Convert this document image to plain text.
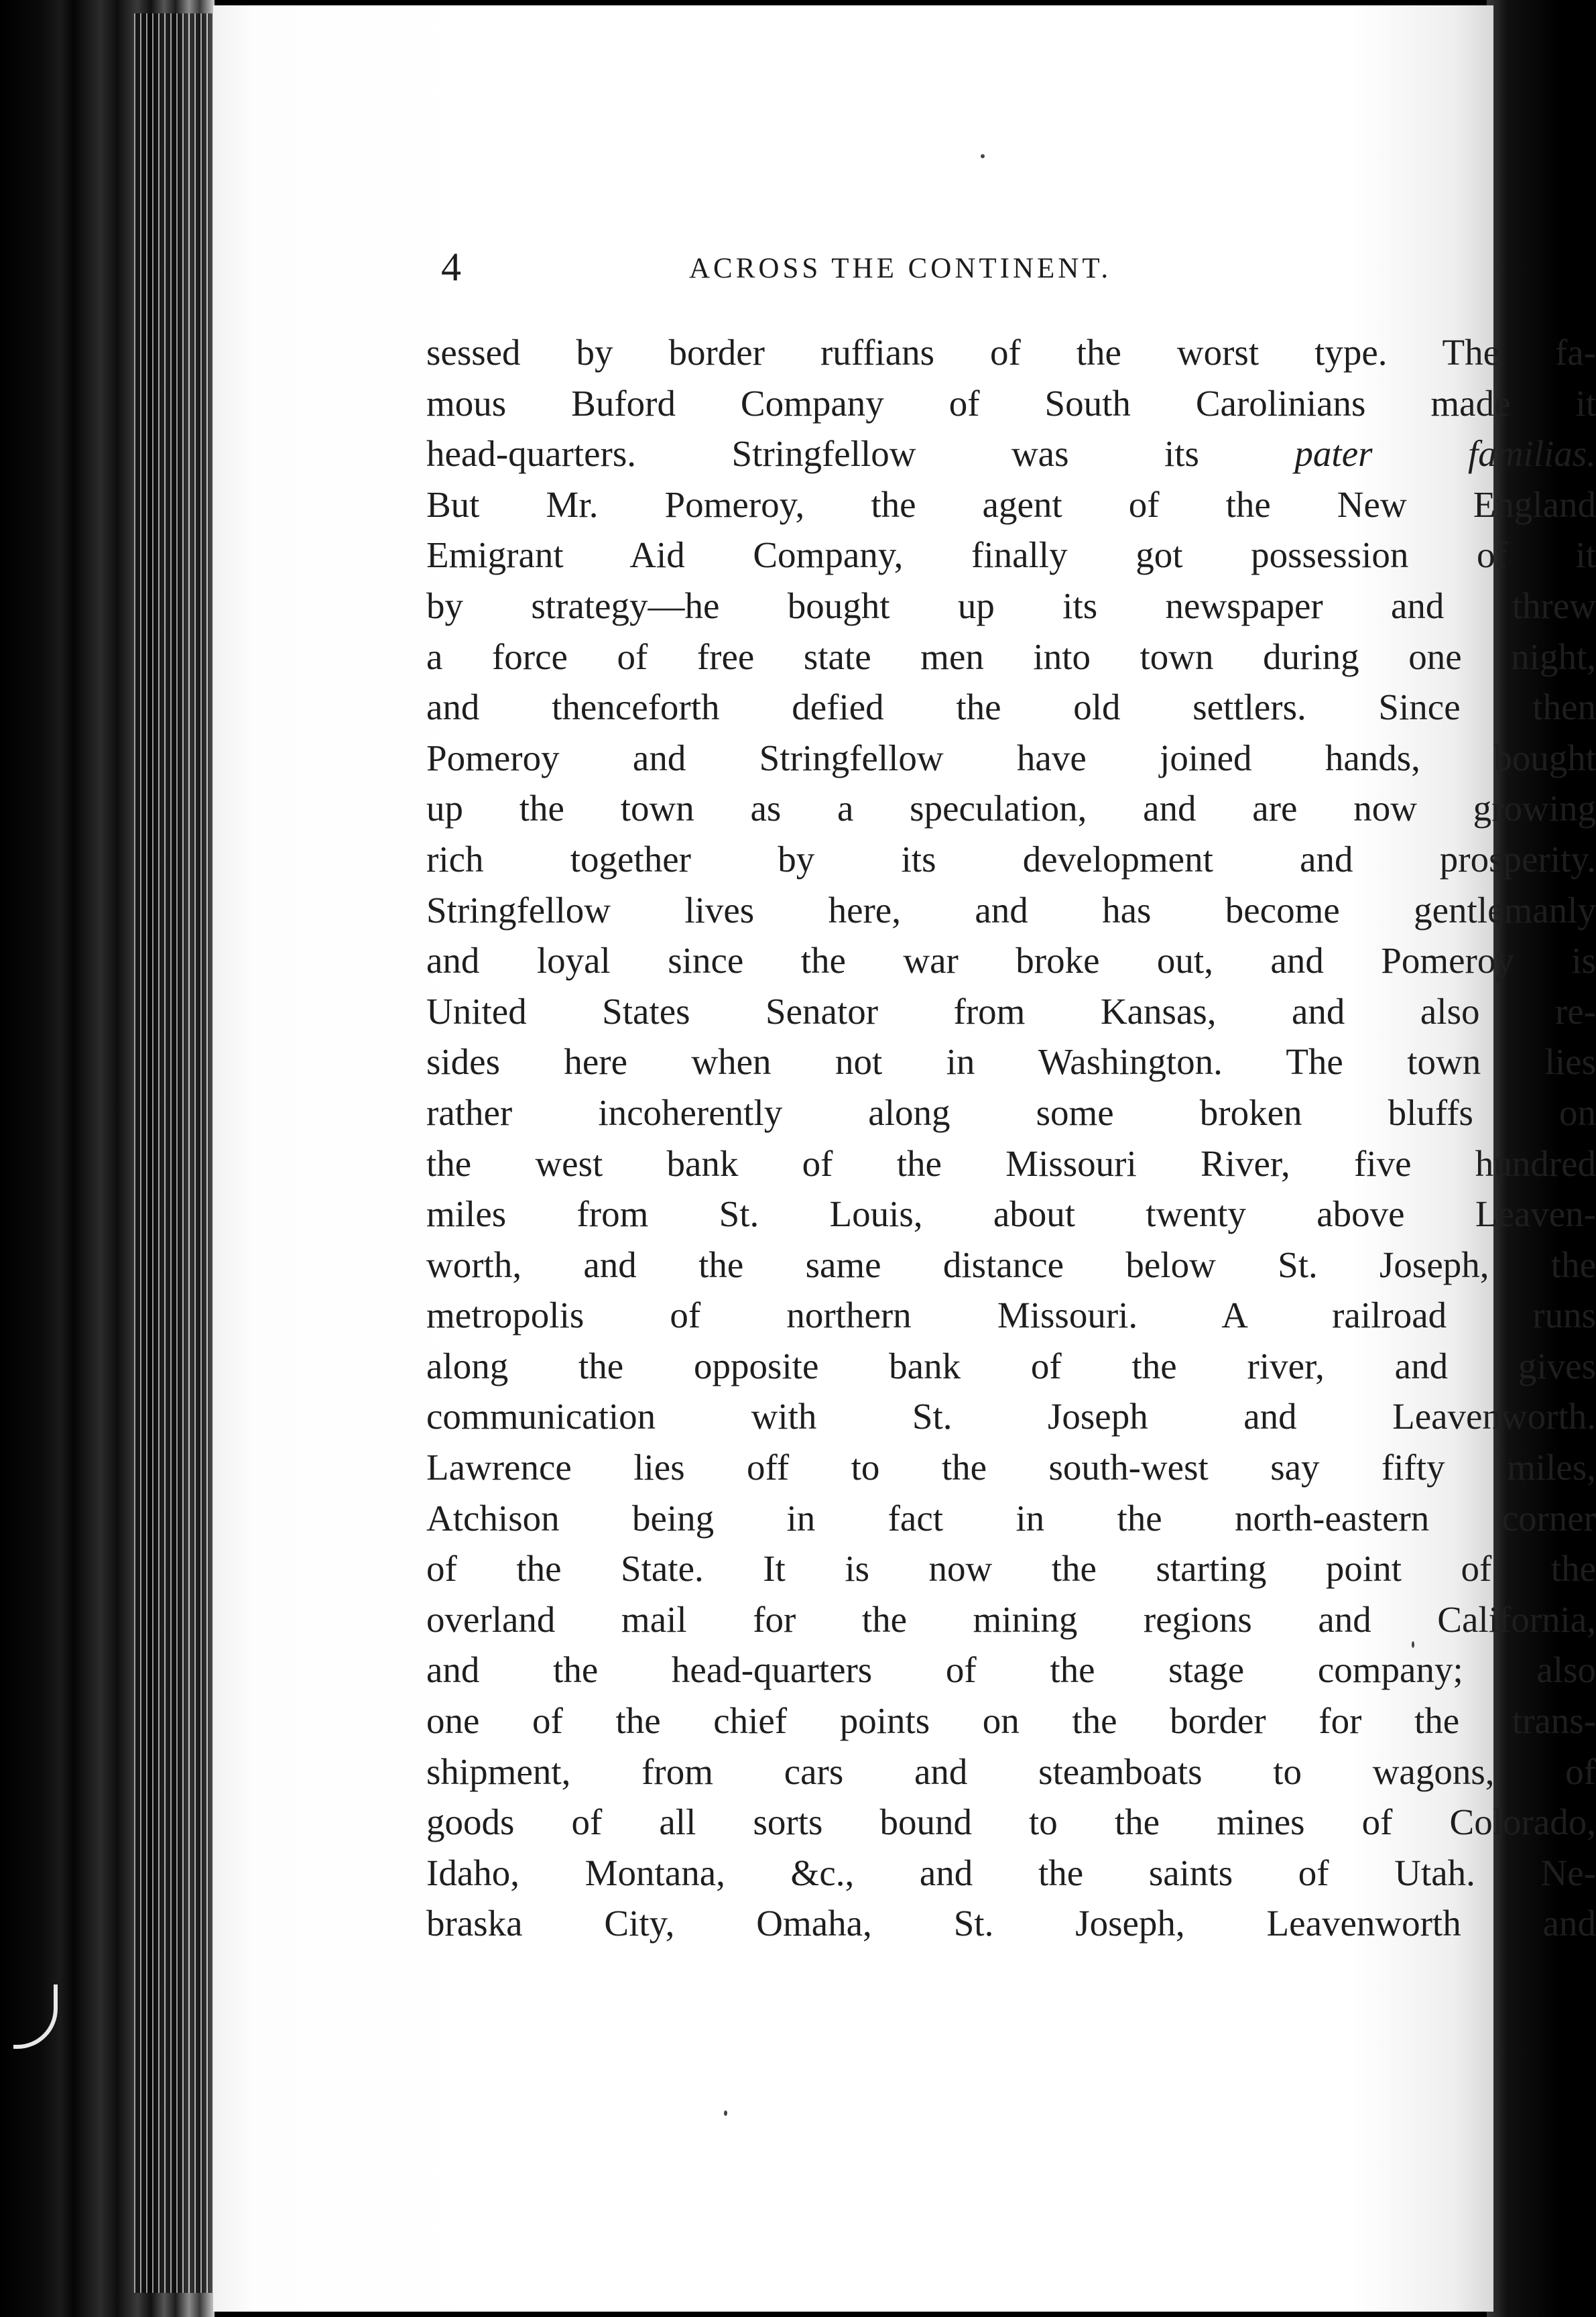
4	ACROSS THE CONTINENT.
sessed by border ruffians of the worst type. The fa-
mous Buford Company of South Carolinians made it
head-quarters. Stringfellow was its pater familias.
But Mr. Pomeroy, the agent of the New England
Emigrant Aid Company, finally got possession of it
by strategy—he bought up its newspaper and threw
a force of free state men into town during one night,
and thenceforth defied the old settlers. Since then
Pomeroy and Stringfellow have joined hands, bought
up the town as a speculation, and are now growing
rich together by its development and prosperity.
Stringfellow lives here, and has become gentlemanly
and loyal since the war broke out, and Pomeroy is
United States Senator from Kansas, and also re-
sides here when not in Washington. The town lies
rather incoherently along some broken bluffs on
the west bank of the Missouri River, five hundred
miles from St. Louis, about twenty above Leaven-
worth, and the same distance below St. Joseph, the
metropolis of northern Missouri. A railroad runs
along the opposite bank of the river, and gives
communication with St. Joseph and Leavenworth.
Lawrence lies off to the south-west say fifty miles,
Atchison being in fact in the north-eastern corner
of the State. It is now the starting point of the
overland mail for the mining regions and California,
and the head-quarters of the stage company; also
one of the chief points on the border for the trans-
shipment, from cars and steamboats to wagons, of
goods of all sorts bound to the mines of Colorado,
Idaho, Montana, &c., and the saints of Utah. Ne-
braska City, Omaha, St. Joseph, Leavenworth and
